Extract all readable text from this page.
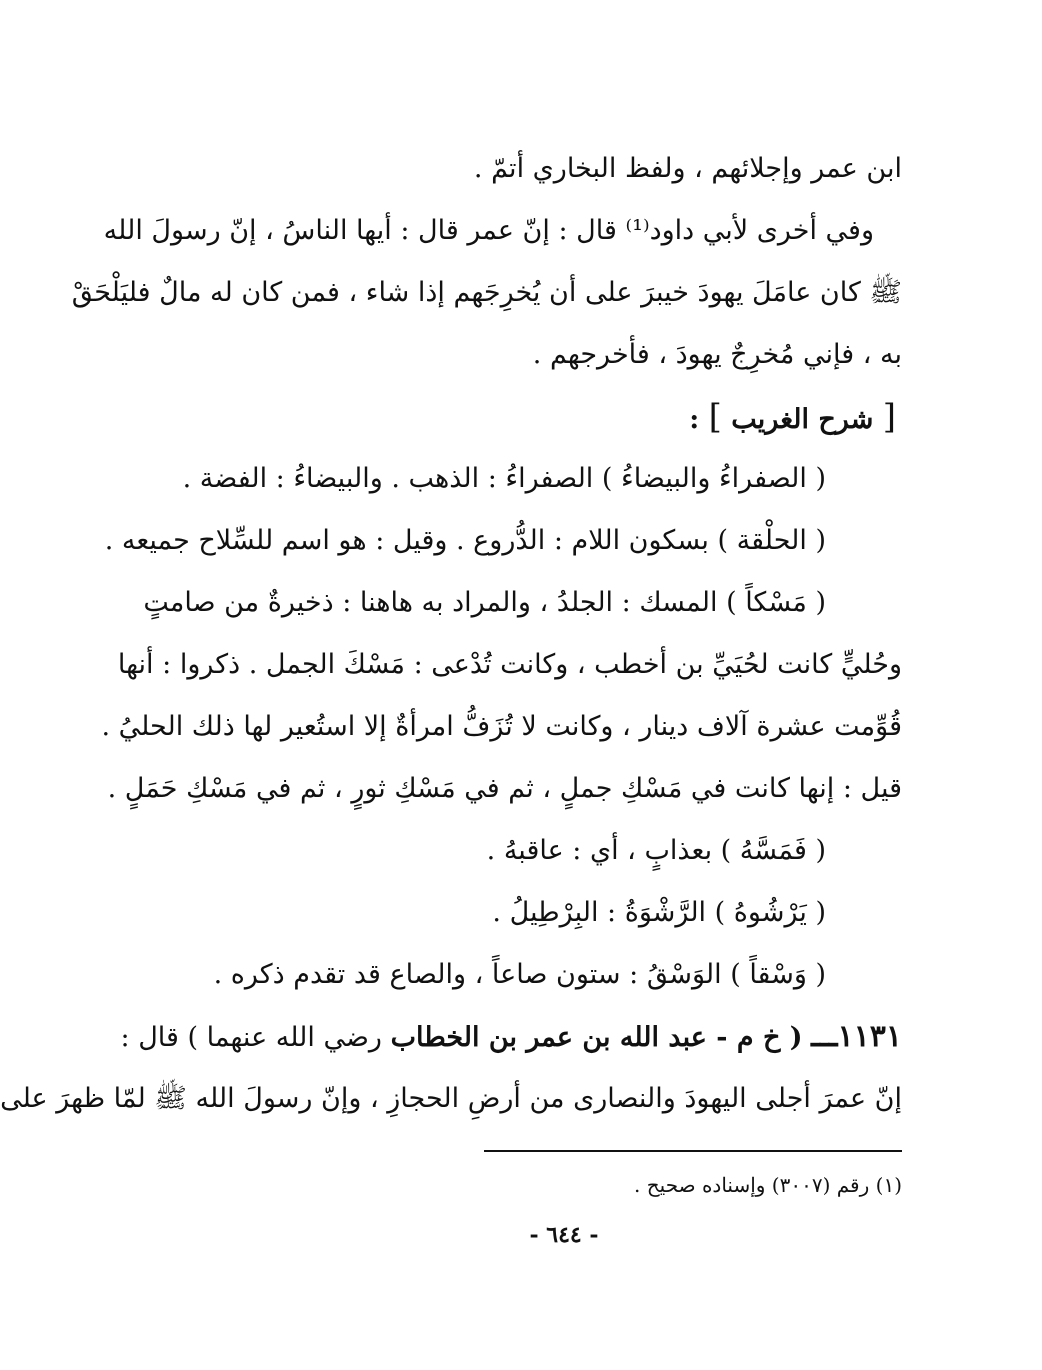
ابن عمر وإجلائهم ، ولفظ البخاري أتمّ .
وفي أخرى لأبي داود⁽¹⁾ قال : إنّ عمر قال : أيها الناسُ ، إنّ رسولَ الله
ﷺ كان عامَلَ يهودَ خيبرَ على أن يُخرِجَهم إذا شاء ، فمن كان له مالٌ فليَلْحَقْ
به ، فإني مُخرِجٌ يهودَ ، فأخرجهم .
[ شرح الغريب ] :
( الصفراءُ والبيضاءُ ) الصفراءُ : الذهب . والبيضاءُ : الفضة .
( الحلْقة ) بسكون اللام : الدُّروع . وقيل : هو اسم للسِّلاح جميعه .
( مَسْكاً ) المسك : الجلدُ ، والمراد به هاهنا : ذخيرةٌ من صامتٍ
وحُليٍّ كانت لحُيَيِّ بن أخطب ، وكانت تُدْعى : مَسْكَ الجمل . ذكروا : أنها
قُوِّمت عشرة آلاف دينار ، وكانت لا تُزَفُّ امرأةٌ إلا استُعير لها ذلك الحليُ .
قيل : إنها كانت في مَسْكِ جملٍ ، ثم في مَسْكِ ثورٍ ، ثم في مَسْكِ حَمَلٍ .
( فَمَسَّهُ ) بعذابٍ ، أي : عاقبهُ .
( يَرْشُوهُ ) الرَّشْوَةُ : البِرْطِيلُ .
( وَسْقاً ) الوَسْقُ : ستون صاعاً ، والصاع قد تقدم ذكره .
١١٣١ـــ ( خ م - عبد الله بن عمر بن الخطاب رضي الله عنهما ) قال :
إنّ عمرَ أجلى اليهودَ والنصارى من أرضِ الحجازِ ، وإنّ رسولَ الله ﷺ لمّا ظهرَ على
(١) رقم (٣٠٠٧) وإسناده صحيح .
- ٦٤٤ -
